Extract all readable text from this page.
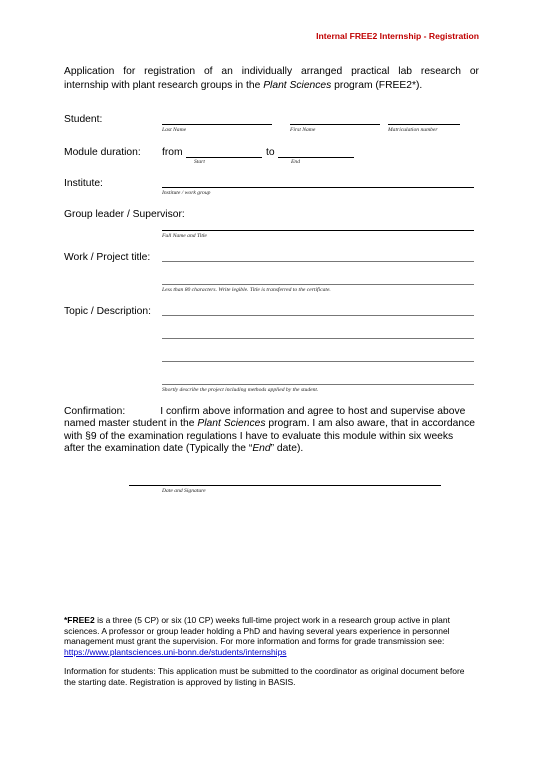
Internal FREE2 Internship - Registration
Application for registration of an individually arranged practical lab research or
internship with plant research groups in the Plant Sciences program (FREE2*).
Student:
Last Name	First Name	Matriculation number
Module duration: from	to
Start	End
Institute:
Institute / work group
Group leader / Supervisor:
Full Name and Title
Work / Project title:
Less than 80 characters. Write legible. Title is transferred to the certificate.
Topic / Description:
Shortly describe the project including methods applied by the student.

Confirmation:	I confirm above information and agree to host and supervise above named master student in the Plant Sciences program. I am also aware, that in accordance with §9 of the examination regulations I have to evaluate this module within six weeks after the examination date (Typically the “End” date).

Date and Signature

*FREE2 is a three (5 CP) or six (10 CP) weeks full-time project work in a research group active in plant sciences. A professor or group leader holding a PhD and having several years experience in personnel management must grant the supervision. For more information and forms for grade transmission see: https://www.plantsciences.uni-bonn.de/students/internships

Information for students: This application must be submitted to the coordinator as original document before the starting date. Registration is approved by listing in BASIS.
